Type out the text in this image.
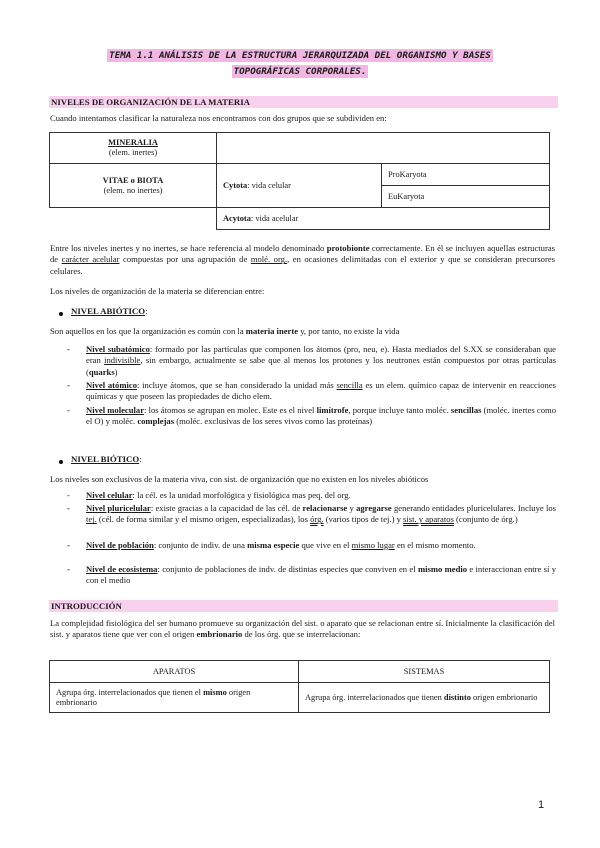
TEMA 1.1 ANÁLISIS DE LA ESTRUCTURA JERARQUIZADA DEL ORGANISMO Y BASES
TOPOGRÁFICAS CORPORALES.
NIVELES DE ORGANIZACIÓN DE LA MATERIA
Cuando intentamos clasificar la naturaleza nos encontramos con dos grupos que se subdividen en:
MINERALIA
(elem. inertes)		
VITAE o BIOTA
(elem. no inertes)	Cytota: vida celular	ProKaryota
		EuKaryota
	Acytota: vida acelular	
Entre los niveles inertes y no inertes, se hace referencia al modelo denominado protobionte correctamente. En él se incluyen aquellas estructuras de carácter acelular compuestas por una agrupación de molé. org., en ocasiones delimitadas con el exterior y que se consideran precursores celulares.
Los niveles de organización de la materia se diferencian entre:
NIVEL ABIÓTICO:
Son aquellos en los que la organización es común con la materia inerte y, por tanto, no existe la vida
- Nivel subatómico: formado por las partículas que componen los átomos (pro, neu, e). Hasta mediados del S.XX se consideraban que eran indivisible, sin embargo, actualmente se sabe que al menos los protones y los neutrones están compuestos por otras partículas (quarks)
- Nivel atómico: incluye átomos, que se han considerado la unidad más sencilla es un elem. químico capaz de intervenir en reacciones químicas y que poseen las propiedades de dicho elem.
- Nivel molecular: los átomos se agrupan en molec. Este es el nivel limítrofe, porque incluye tanto moléc. sencillas (moléc. inertes como el O) y moléc. complejas (moléc. exclusivas de los seres vivos como las proteínas)
NIVEL BIÓTICO:
Los niveles son exclusivos de la materia viva, con sist. de organización que no existen en los niveles abióticos
- Nivel celular: la cél. es la unidad morfológica y fisiológica mas peq. del org.
- Nivel pluricelular: existe gracias a la capacidad de las cél. de relacionarse y agregarse generando entidades pluricelulares. Incluye los tej. (cél. de forma similar y el mismo origen, especializadas), los órg. (varios tipos de tej.) y sist. y aparatos (conjunto de órg.)
- Nivel de población: conjunto de indiv. de una misma especie que vive en el mismo lugar en el mismo momento.
- Nivel de ecosistema: conjunto de poblaciones de indv. de distintas especies que conviven en el mismo medio e interaccionan entre sí y con el medio
INTRODUCCIÓN
La complejidad fisiológica del ser humano promueve su organización del sist. o aparato que se relacionan entre sí. Inicialmente la clasificación del sist. y aparatos tiene que ver con el origen embrionario de los órg. que se interrelacionan:
APARATOS	SISTEMAS
Agrupa órg. interrelacionados que tienen el mismo origen embrionario	Agrupa órg. interrelacionados que tienen distinto origen embrionario
1
